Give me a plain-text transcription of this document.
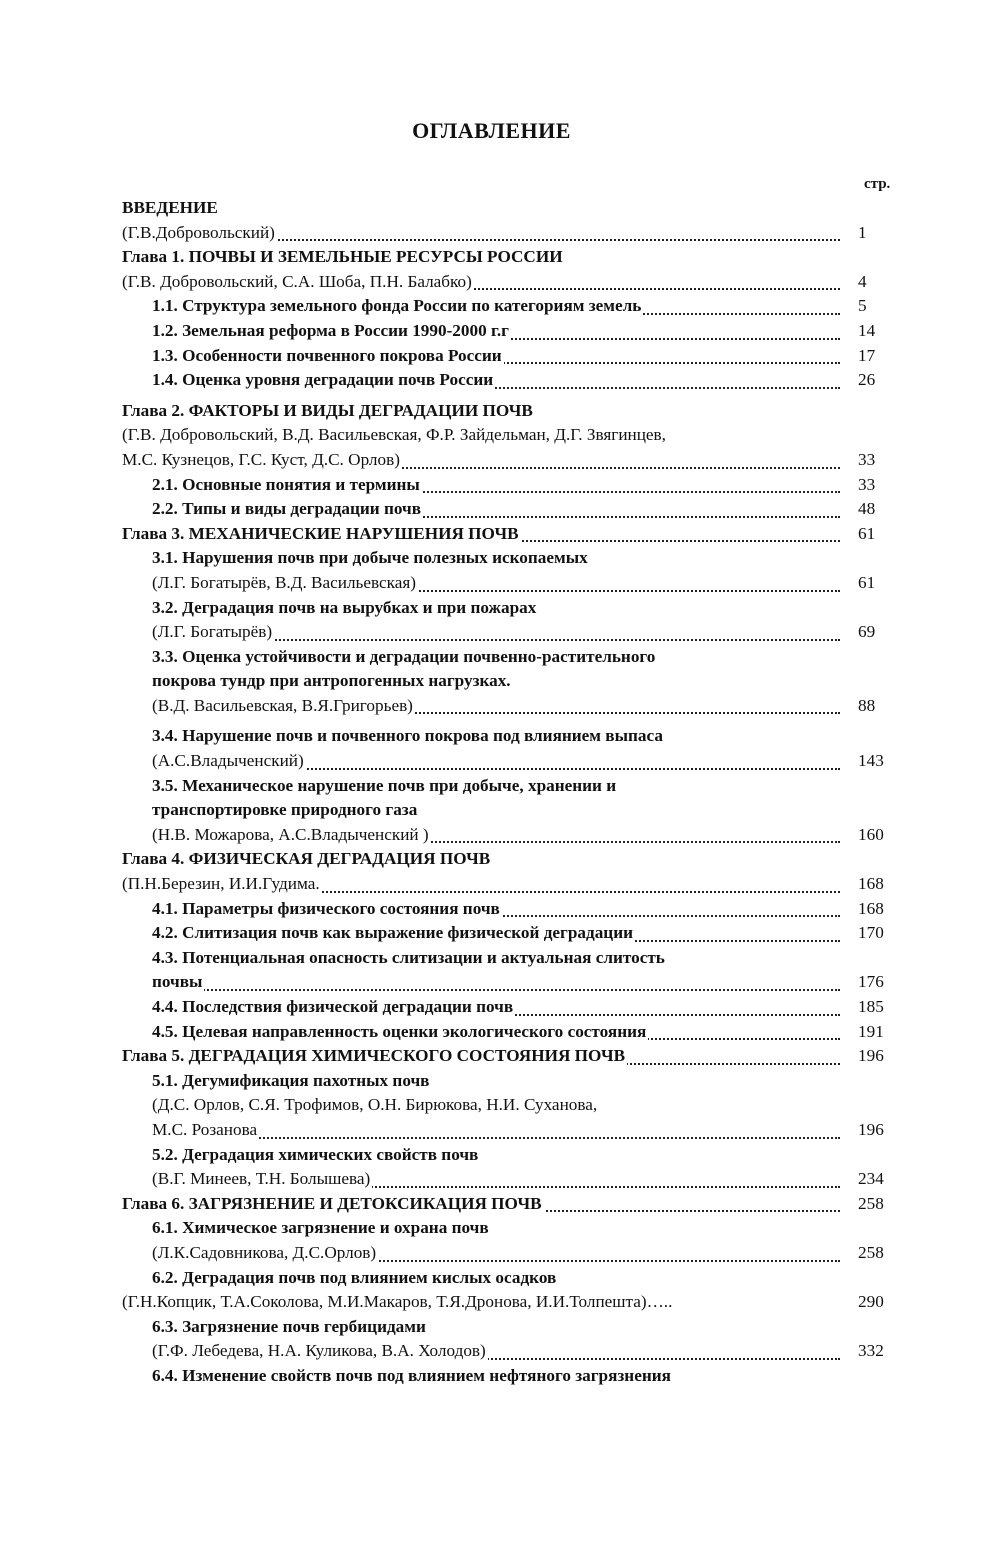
ОГЛАВЛЕНИЕ
стр.
ВВЕДЕНИЕ
(Г.В.Добровольский)	1
Глава 1. ПОЧВЫ И ЗЕМЕЛЬНЫЕ РЕСУРСЫ РОССИИ
(Г.В. Добровольский, С.А. Шоба, П.Н. Балабко)	4
1.1. Структура земельного фонда России по категориям земель	5
1.2. Земельная реформа в России 1990-2000 г.г	14
1.3. Особенности почвенного покрова России	17
1.4. Оценка уровня деградации почв России	26
Глава 2. ФАКТОРЫ И ВИДЫ ДЕГРАДАЦИИ ПОЧВ
(Г.В. Добровольский, В.Д. Васильевская, Ф.Р. Зайдельман, Д.Г. Звягинцев,
М.С. Кузнецов, Г.С. Куст, Д.С. Орлов)	33
2.1. Основные понятия и термины	33
2.2. Типы и виды деградации почв	48
Глава 3. МЕХАНИЧЕСКИЕ НАРУШЕНИЯ ПОЧВ	61
3.1. Нарушения почв при добыче полезных ископаемых
(Л.Г. Богатырёв, В.Д. Васильевская)	61
3.2. Деградация почв на вырубках и при пожарах
(Л.Г. Богатырёв)	69
3.3. Оценка устойчивости и деградации почвенно-растительного
покрова тундр при антропогенных нагрузках.
(В.Д. Васильевская, В.Я.Григорьев)	88
3.4. Нарушение почв и почвенного покрова под влиянием выпаса
(А.С.Владыченский)	143
3.5. Механическое нарушение почв при добыче, хранении и
транспортировке природного газа
(Н.В. Можарова, А.С.Владыченский )	160
Глава 4. ФИЗИЧЕСКАЯ ДЕГРАДАЦИЯ ПОЧВ
(П.Н.Березин, И.И.Гудима.	168
4.1. Параметры физического состояния почв	168
4.2. Слитизация почв как выражение физической деградации	170
4.3. Потенциальная опасность слитизации и актуальная слитость
почвы	176
4.4. Последствия физической деградации почв	185
4.5. Целевая направленность оценки экологического состояния	191
Глава 5. ДЕГРАДАЦИЯ ХИМИЧЕСКОГО СОСТОЯНИЯ ПОЧВ	196
5.1. Дегумификация пахотных почв
(Д.С. Орлов, С.Я. Трофимов, О.Н. Бирюкова, Н.И. Суханова,
М.С. Розанова	196
5.2. Деградация химических свойств почв
(В.Г. Минеев, Т.Н. Болышева)	234
Глава 6. ЗАГРЯЗНЕНИЕ И ДЕТОКСИКАЦИЯ ПОЧВ	258
6.1. Химическое загрязнение и охрана почв
(Л.К.Садовникова, Д.С.Орлов)	258
6.2. Деградация почв под влиянием кислых осадков
(Г.Н.Копцик, Т.А.Соколова, М.И.Макаров, Т.Я.Дронова, И.И.Толпешта)…..	290
6.3. Загрязнение почв гербицидами
(Г.Ф. Лебедева, Н.А. Куликова, В.А. Холодов)	332
6.4. Изменение свойств почв под влиянием нефтяного загрязнения
